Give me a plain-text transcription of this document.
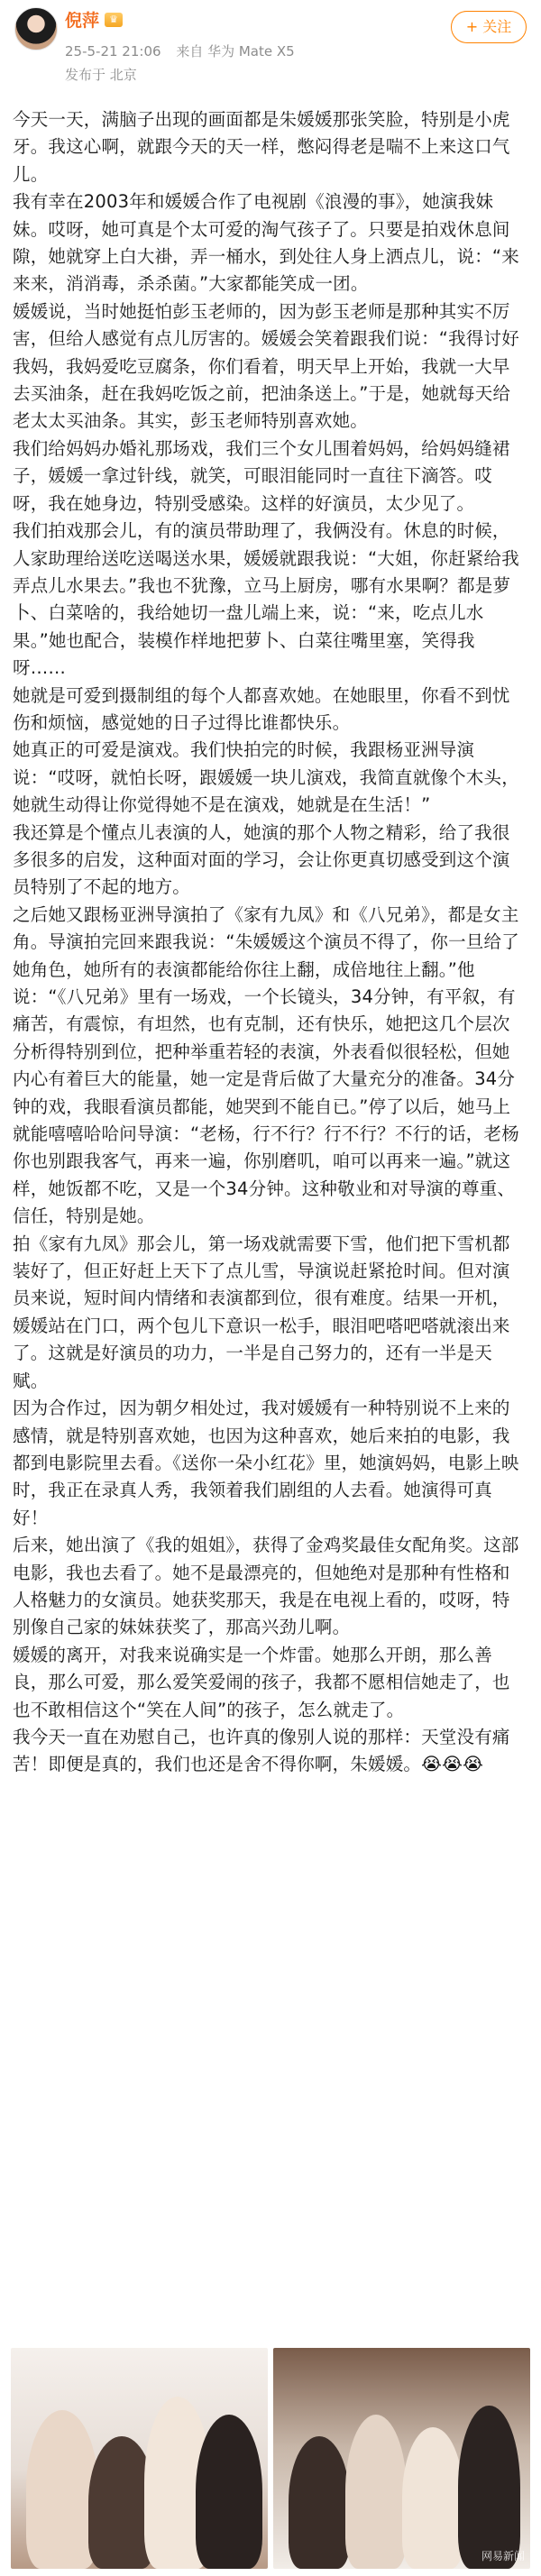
倪萍	♛
25-5-21 21:06 来自 华为 Mate X5
发布于 北京
+ 关注

今天一天，满脑子出现的画面都是朱媛媛那张笑脸，特别是小虎牙。我这心啊，就跟今天的天一样，憋闷得老是喘不上来这口气儿。

我有幸在2003年和媛媛合作了电视剧《浪漫的事》，她演我妹妹。哎呀，她可真是个太可爱的淘气孩子了。只要是拍戏休息间隙，她就穿上白大褂，弄一桶水，到处往人身上洒点儿，说：“来来来，消消毒，杀杀菌。”大家都能笑成一团。

媛媛说，当时她挺怕彭玉老师的，因为彭玉老师是那种其实不厉害，但给人感觉有点儿厉害的。媛媛会笑着跟我们说：“我得讨好我妈，我妈爱吃豆腐条，你们看着，明天早上开始，我就一大早去买油条，赶在我妈吃饭之前，把油条送上。”于是，她就每天给老太太买油条。其实，彭玉老师特别喜欢她。

我们给妈妈办婚礼那场戏，我们三个女儿围着妈妈，给妈妈缝裙子，媛媛一拿过针线，就笑，可眼泪能同时一直往下滴答。哎呀，我在她身边，特别受感染。这样的好演员，太少见了。

我们拍戏那会儿，有的演员带助理了，我俩没有。休息的时候，人家助理给送吃送喝送水果，媛媛就跟我说：“大姐，你赶紧给我弄点儿水果去。”我也不犹豫，立马上厨房，哪有水果啊？都是萝卜、白菜啥的，我给她切一盘儿端上来，说：“来，吃点儿水果。”她也配合，装模作样地把萝卜、白菜往嘴里塞，笑得我呀……

她就是可爱到摄制组的每个人都喜欢她。在她眼里，你看不到忧伤和烦恼，感觉她的日子过得比谁都快乐。

她真正的可爱是演戏。我们快拍完的时候，我跟杨亚洲导演说：“哎呀，就怕长呀，跟媛媛一块儿演戏，我简直就像个木头，她就生动得让你觉得她不是在演戏，她就是在生活！”

我还算是个懂点儿表演的人，她演的那个人物之精彩，给了我很多很多的启发，这种面对面的学习，会让你更真切感受到这个演员特别了不起的地方。

之后她又跟杨亚洲导演拍了《家有九凤》和《八兄弟》，都是女主角。导演拍完回来跟我说：“朱媛媛这个演员不得了，你一旦给了她角色，她所有的表演都能给你往上翻，成倍地往上翻。”他说：“《八兄弟》里有一场戏，一个长镜头，34分钟，有平叙，有痛苦，有震惊，有坦然，也有克制，还有快乐，她把这几个层次分析得特别到位，把种举重若轻的表演，外表看似很轻松，但她内心有着巨大的能量，她一定是背后做了大量充分的准备。34分钟的戏，我眼看演员都能，她哭到不能自已。”停了以后，她马上就能嘻嘻哈哈问导演：“老杨，行不行？行不行？不行的话，老杨你也别跟我客气，再来一遍，你别磨叽，咱可以再来一遍。”就这样，她饭都不吃，又是一个34分钟。这种敬业和对导演的尊重、信任，特别是她。

拍《家有九凤》那会儿，第一场戏就需要下雪，他们把下雪机都装好了，但正好赶上天下了点儿雪，导演说赶紧抢时间。但对演员来说，短时间内情绪和表演都到位，很有难度。结果一开机，媛媛站在门口，两个包儿下意识一松手，眼泪吧嗒吧嗒就滚出来了。这就是好演员的功力，一半是自己努力的，还有一半是天赋。

因为合作过，因为朝夕相处过，我对媛媛有一种特别说不上来的感情，就是特别喜欢她，也因为这种喜欢，她后来拍的电影，我都到电影院里去看。《送你一朵小红花》里，她演妈妈，电影上映时，我正在录真人秀，我领着我们剧组的人去看。她演得可真好！

后来，她出演了《我的姐姐》，获得了金鸡奖最佳女配角奖。这部电影，我也去看了。她不是最漂亮的，但她绝对是那种有性格和人格魅力的女演员。她获奖那天，我是在电视上看的，哎呀，特别像自己家的妹妹获奖了，那高兴劲儿啊。

媛媛的离开，对我来说确实是一个炸雷。她那么开朗，那么善良，那么可爱，那么爱笑爱闹的孩子，我都不愿相信她走了，也也不敢相信这个“笑在人间”的孩子，怎么就走了。

我今天一直在劝慰自己，也许真的像别人说的那样：天堂没有痛苦！即便是真的，我们也还是舍不得你啊，朱媛媛。😭😭😭

网易新闻
